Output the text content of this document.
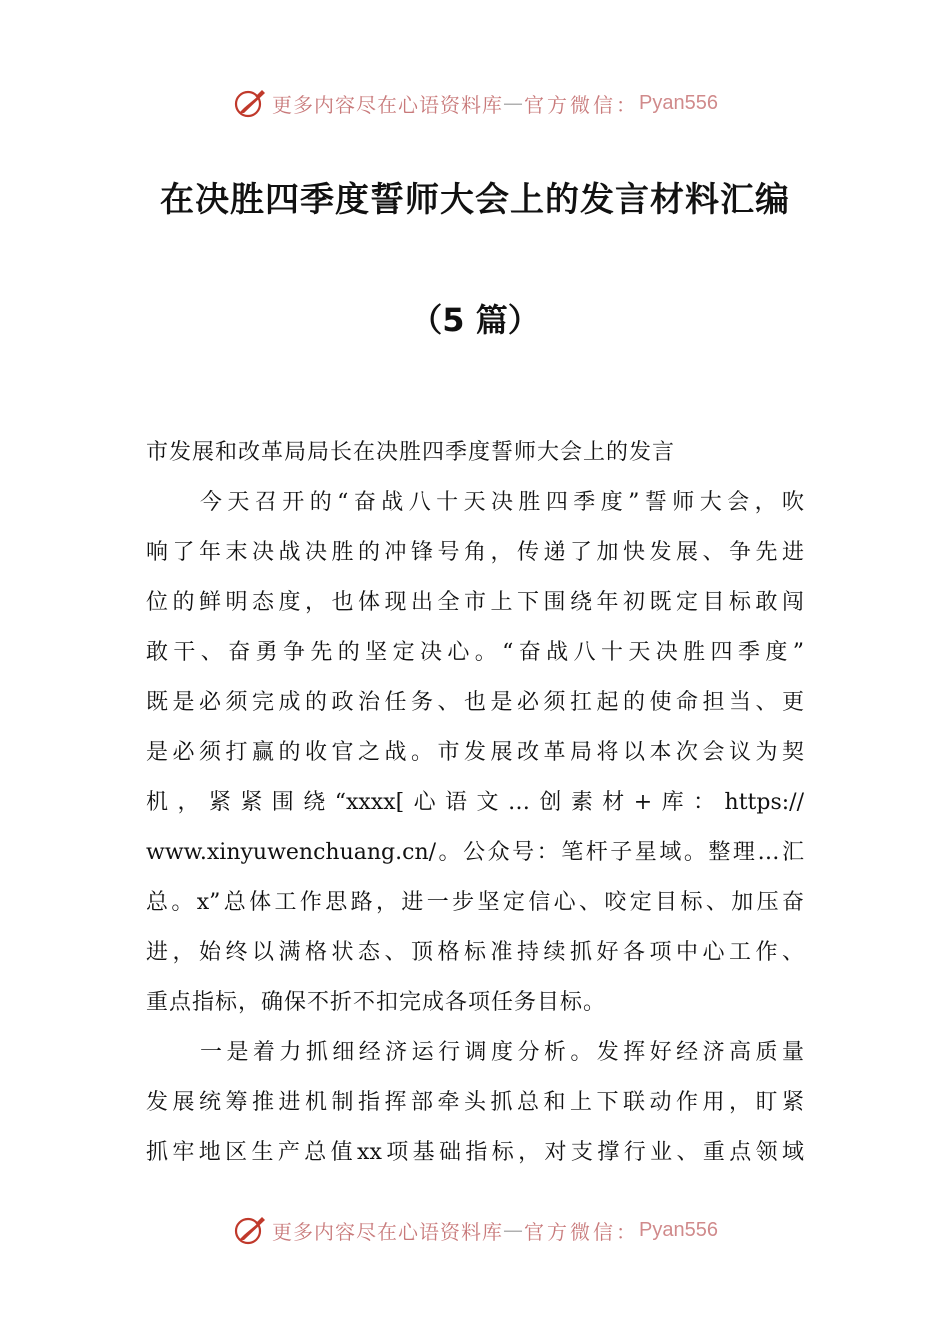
更多内容尽在心语资料库 — 官方微信： Pyan556
在决胜四季度誓师大会上的发言材料汇编
（5 篇）
市发展和改革局局长在决胜四季度誓师大会上的发言
今天召开的“奋战八十天决胜四季度”誓师大会，吹
响了年末决战决胜的冲锋号角，传递了加快发展、争先进
位的鲜明态度，也体现出全市上下围绕年初既定目标敢闯
敢干、奋勇争先的坚定决心。“奋战八十天决胜四季度”
既是必须完成的政治任务、也是必须扛起的使命担当、更
是必须打赢的收官之战。市发展改革局将以本次会议为契
机，紧紧围绕“xxxx[心语文…创素材+库：https://
www.xinyuwenchuang.cn/。公众号：笔杆子星域。整理…汇
总。x”总体工作思路，进一步坚定信心、咬定目标、加压奋
进，始终以满格状态、顶格标准持续抓好各项中心工作、
重点指标，确保不折不扣完成各项任务目标。
一是着力抓细经济运行调度分析。发挥好经济高质量
发展统筹推进机制指挥部牵头抓总和上下联动作用，盯紧
抓牢地区生产总值xx项基础指标，对支撑行业、重点领域
更多内容尽在心语资料库 — 官方微信： Pyan556
